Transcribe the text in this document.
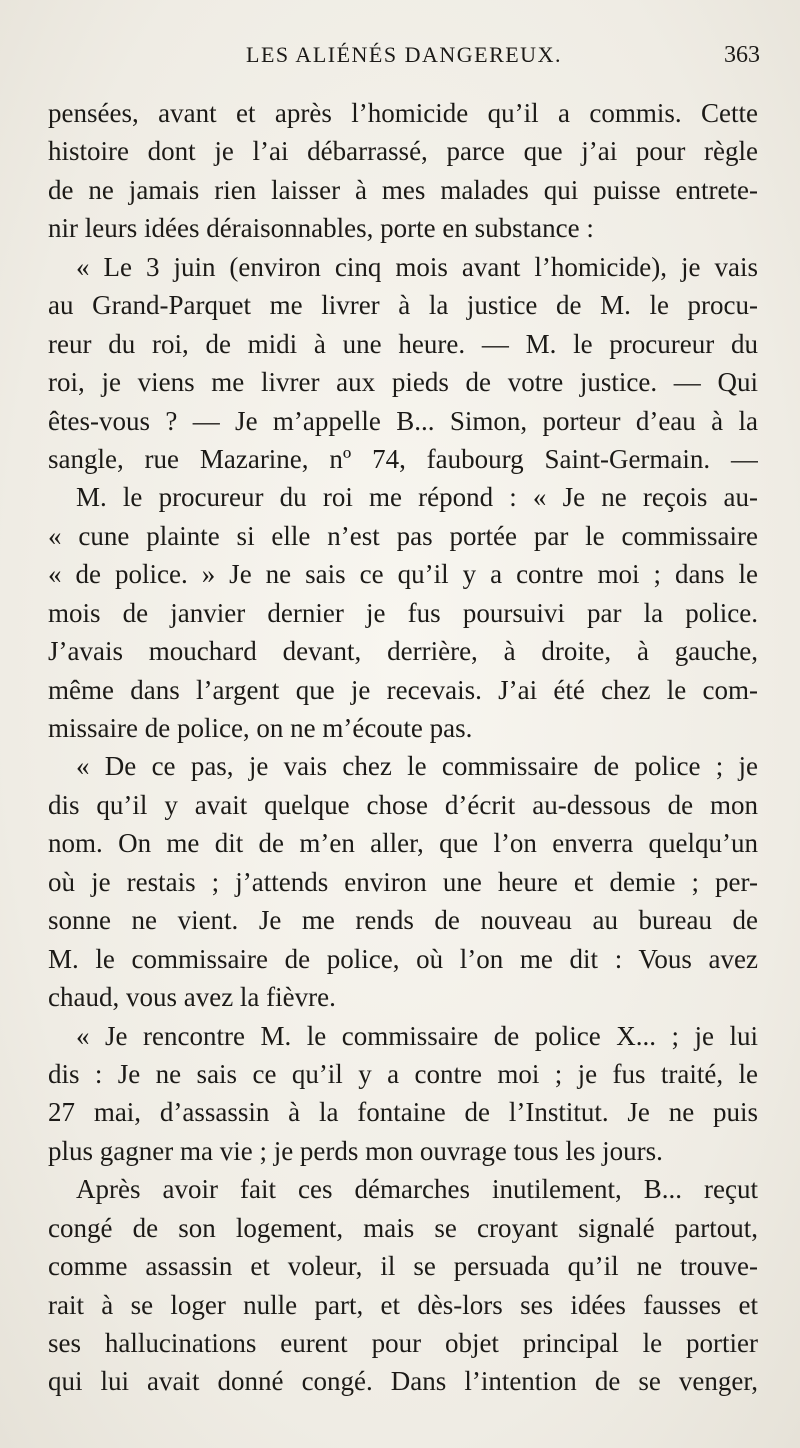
LES ALIÉNÉS DANGEREUX.	363
pensées, avant et après l’homicide qu’il a commis. Cette
histoire dont je l’ai débarrassé, parce que j’ai pour règle
de ne jamais rien laisser à mes malades qui puisse entrete-
nir leurs idées déraisonnables, porte en substance :
« Le 3 juin (environ cinq mois avant l’homicide), je vais
au Grand-Parquet me livrer à la justice de M. le procu-
reur du roi, de midi à une heure. — M. le procureur du
roi, je viens me livrer aux pieds de votre justice. — Qui
êtes-vous ? — Je m’appelle B... Simon, porteur d’eau à la
sangle, rue Mazarine, nº 74, faubourg Saint-Germain. —
M. le procureur du roi me répond : « Je ne reçois au-
« cune plainte si elle n’est pas portée par le commissaire
« de police. » Je ne sais ce qu’il y a contre moi ; dans le
mois de janvier dernier je fus poursuivi par la police.
J’avais mouchard devant, derrière, à droite, à gauche,
même dans l’argent que je recevais. J’ai été chez le com-
missaire de police, on ne m’écoute pas.
« De ce pas, je vais chez le commissaire de police ; je
dis qu’il y avait quelque chose d’écrit au-dessous de mon
nom. On me dit de m’en aller, que l’on enverra quelqu’un
où je restais ; j’attends environ une heure et demie ; per-
sonne ne vient. Je me rends de nouveau au bureau de
M. le commissaire de police, où l’on me dit : Vous avez
chaud, vous avez la fièvre.
« Je rencontre M. le commissaire de police X... ; je lui
dis : Je ne sais ce qu’il y a contre moi ; je fus traité, le
27 mai, d’assassin à la fontaine de l’Institut. Je ne puis
plus gagner ma vie ; je perds mon ouvrage tous les jours.
Après avoir fait ces démarches inutilement, B... reçut
congé de son logement, mais se croyant signalé partout,
comme assassin et voleur, il se persuada qu’il ne trouve-
rait à se loger nulle part, et dès-lors ses idées fausses et
ses hallucinations eurent pour objet principal le portier
qui lui avait donné congé. Dans l’intention de se venger,
